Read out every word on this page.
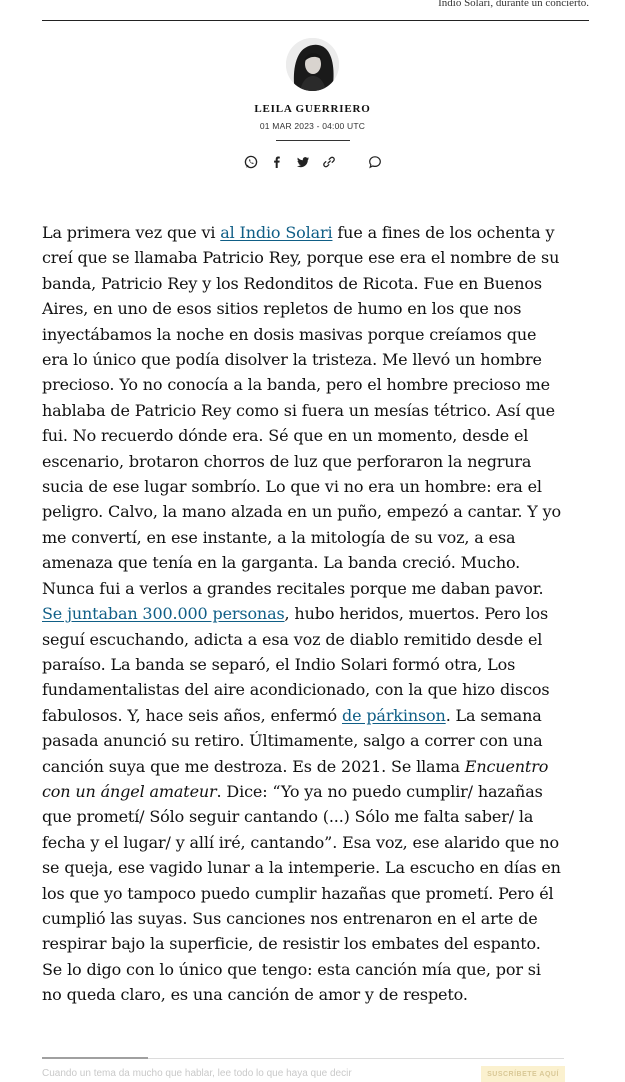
Indio Solari, durante un concierto.
LEILA GUERRIERO
01 MAR 2023 - 04:00 UTC

La primera vez que vi al Indio Solari fue a fines de los ochenta y creí que se llamaba Patricio Rey, porque ese era el nombre de su banda, Patricio Rey y los Redonditos de Ricota. Fue en Buenos Aires, en uno de esos sitios repletos de humo en los que nos inyectábamos la noche en dosis masivas porque creíamos que era lo único que podía disolver la tristeza. Me llevó un hombre precioso. Yo no conocía a la banda, pero el hombre precioso me hablaba de Patricio Rey como si fuera un mesías tétrico. Así que fui. No recuerdo dónde era. Sé que en un momento, desde el escenario, brotaron chorros de luz que perforaron la negrura sucia de ese lugar sombrío. Lo que vi no era un hombre: era el peligro. Calvo, la mano alzada en un puño, empezó a cantar. Y yo me convertí, en ese instante, a la mitología de su voz, a esa amenaza que tenía en la garganta. La banda creció. Mucho. Nunca fui a verlos a grandes recitales porque me daban pavor. Se juntaban 300.000 personas, hubo heridos, muertos. Pero los seguí escuchando, adicta a esa voz de diablo remitido desde el paraíso. La banda se separó, el Indio Solari formó otra, Los fundamentalistas del aire acondicionado, con la que hizo discos fabulosos. Y, hace seis años, enfermó de párkinson. La semana pasada anunció su retiro. Últimamente, salgo a correr con una canción suya que me destroza. Es de 2021. Se llama Encuentro con un ángel amateur. Dice: “Yo ya no puedo cumplir/ hazañas que prometí/ Sólo seguir cantando (...) Sólo me falta saber/ la fecha y el lugar/ y allí iré, cantando”. Esa voz, ese alarido que no se queja, ese vagido lunar a la intemperie. La escucho en días en los que yo tampoco puedo cumplir hazañas que prometí. Pero él cumplió las suyas. Sus canciones nos entrenaron en el arte de respirar bajo la superficie, de resistir los embates del espanto. Se lo digo con lo único que tengo: esta canción mía que, por si no queda claro, es una canción de amor y de respeto.

Cuando un tema da mucho que hablar, lee todo lo que haya que decir	SUSCRÍBETE AQUÍ
